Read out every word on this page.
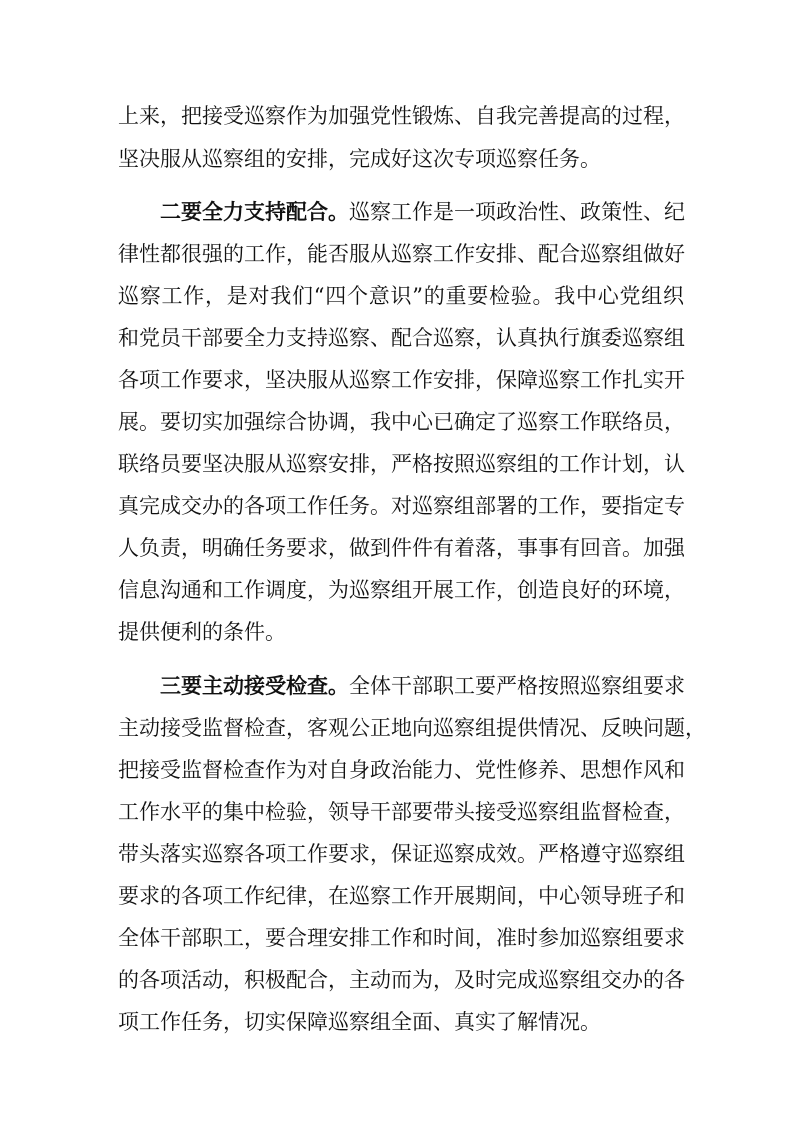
上来，把接受巡察作为加强党性锻炼、自我完善提高的过程，
坚决服从巡察组的安排，完成好这次专项巡察任务。
二要全力支持配合。巡察工作是一项政治性、政策性、纪
律性都很强的工作，能否服从巡察工作安排、配合巡察组做好
巡察工作，是对我们“四个意识”的重要检验。我中心党组织
和党员干部要全力支持巡察、配合巡察，认真执行旗委巡察组
各项工作要求，坚决服从巡察工作安排，保障巡察工作扎实开
展。要切实加强综合协调，我中心已确定了巡察工作联络员，
联络员要坚决服从巡察安排，严格按照巡察组的工作计划，认
真完成交办的各项工作任务。对巡察组部署的工作，要指定专
人负责，明确任务要求，做到件件有着落，事事有回音。加强
信息沟通和工作调度，为巡察组开展工作，创造良好的环境，
提供便利的条件。
三要主动接受检查。全体干部职工要严格按照巡察组要求
主动接受监督检查，客观公正地向巡察组提供情况、反映问题，
把接受监督检查作为对自身政治能力、党性修养、思想作风和
工作水平的集中检验，领导干部要带头接受巡察组监督检查，
带头落实巡察各项工作要求，保证巡察成效。严格遵守巡察组
要求的各项工作纪律，在巡察工作开展期间，中心领导班子和
全体干部职工，要合理安排工作和时间，准时参加巡察组要求
的各项活动，积极配合，主动而为，及时完成巡察组交办的各
项工作任务，切实保障巡察组全面、真实了解情况。
